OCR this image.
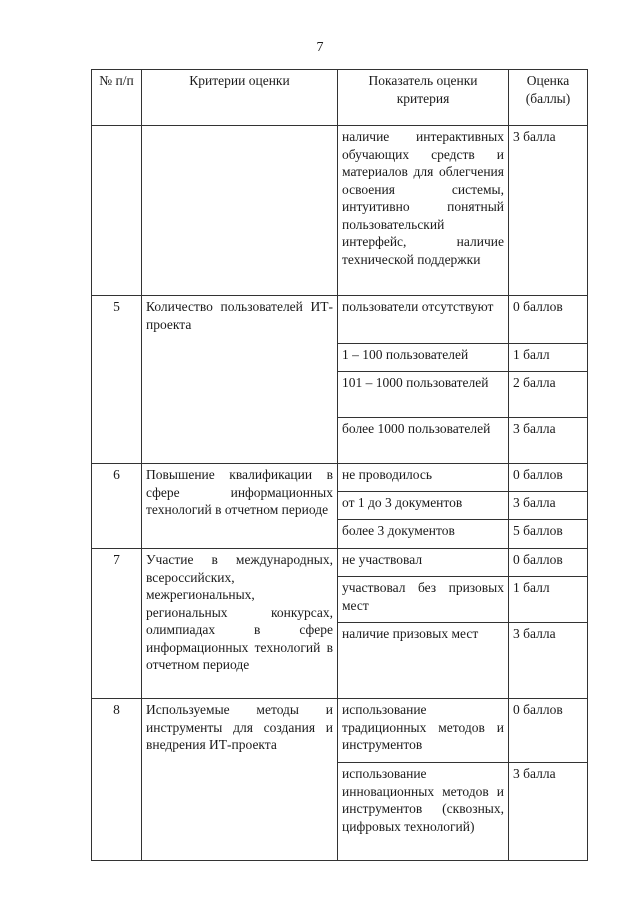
7
№ п/п	Критерии оценки	Показатель оценки критерия	Оценка (баллы)
		наличие интерактивных обучающих средств и материалов для облегчения освоения системы, интуитивно понятный пользовательский интерфейс, наличие технической поддержки	3 балла
5	Количество пользователей ИТ-проекта	пользователи отсутствуют	0 баллов
		1 – 100 пользователей	1 балл
		101 – 1000 пользователей	2 балла
		более 1000 пользователей	3 балла
6	Повышение квалификации в сфере информационных технологий в отчетном периоде	не проводилось	0 баллов
		от 1 до 3 документов	3 балла
		более 3 документов	5 баллов
7	Участие в международных, всероссийских, межрегиональных, региональных конкурсах, олимпиадах в сфере информационных технологий в отчетном периоде	не участвовал	0 баллов
		участвовал без призовых мест	1 балл
		наличие призовых мест	3 балла
8	Используемые методы и инструменты для создания и внедрения ИТ-проекта	использование традиционных методов и инструментов	0 баллов
		использование инновационных методов и инструментов (сквозных, цифровых технологий)	3 балла
